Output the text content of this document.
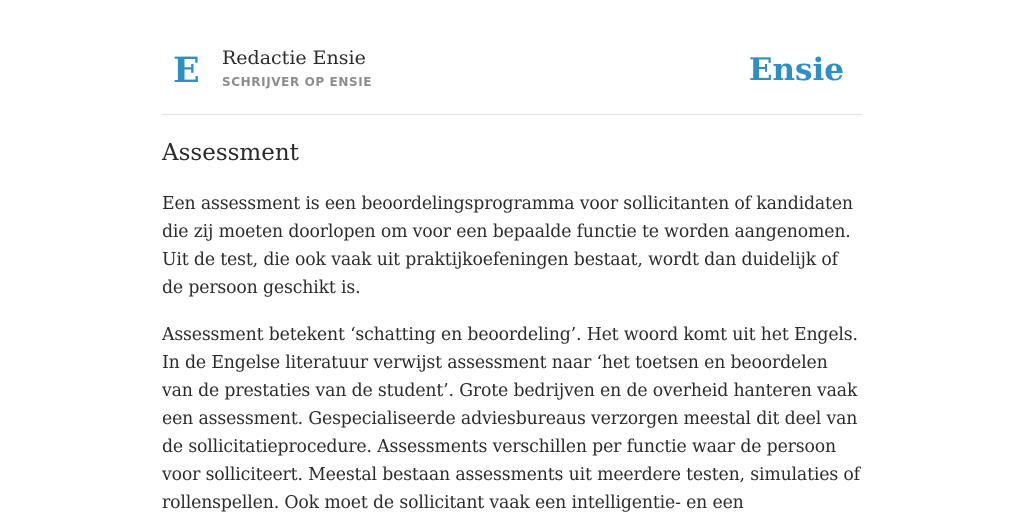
E Redactie Ensie
SCHRIJVER OP ENSIE	Ensie
Assessment

Een assessment is een beoordelingsprogramma voor sollicitanten of kandidaten die zij moeten doorlopen om voor een bepaalde functie te worden aangenomen. Uit de test, die ook vaak uit praktijkoefeningen bestaat, wordt dan duidelijk of de persoon geschikt is.

Assessment betekent ‘schatting en beoordeling’. Het woord komt uit het Engels. In de Engelse literatuur verwijst assessment naar ‘het toetsen en beoordelen van de prestaties van de student’. Grote bedrijven en de overheid hanteren vaak een assessment. Gespecialiseerde adviesbureaus verzorgen meestal dit deel van de sollicitatieprocedure. Assessments verschillen per functie waar de persoon voor solliciteert. Meestal bestaan assessments uit meerdere testen, simulaties of rollenspellen. Ook moet de sollicitant vaak een intelligentie- en een
